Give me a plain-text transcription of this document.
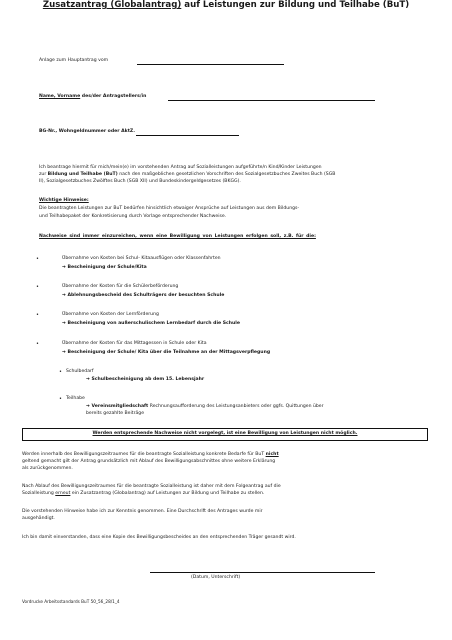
Zusatzantrag (Globalantrag) auf Leistungen zur Bildung und Teilhabe (BuT)
Anlage zum Hauptantrag vom
Name, Vorname des/der Antragstellers/in
BG-Nr., Wohngeldnummer oder AktZ.
Ich beantrage hiermit für mich/mein(e) im vorstehenden Antrag auf Sozialleistungen aufgeführte/n Kind/Kinder Leistungen
zur Bildung und Teilhabe (BuT) nach den maßgeblichen gesetzlichen Vorschriften des Sozialgesetzbuches Zweites Buch (SGB
II), Sozialgesetzbuches Zwölftes Buch (SGB XII) und Bundeskindergeldgesetzes (BKGG).
Wichtige Hinweise:
Die beantragten Leistungen zur BuT bedürfen hinsichtlich etwaiger Ansprüche auf Leistungen aus dem Bildungs-
und Teilhabepaket der Konkretisierung durch Vorlage entsprechender Nachweise.
Nachweise sind immer einzureichen, wenn eine Bewilligung von Leistungen erfolgen soll, z.B. für die:
•	Übernahme von Kosten bei Schul- Kitaausflügen oder Klassenfahrten
➔ Bescheinigung der Schule/Kita
•	Übernahme der Kosten für die Schülerbeförderung
➔ Ablehnungsbescheid des Schulträgers der besuchten Schule
•	Übernahme von Kosten der Lernförderung
➔ Bescheinigung von außerschulischem Lernbedarf durch die Schule
•	Übernahme der Kosten für das Mittagessen in Schule oder Kita
➔ Bescheinigung der Schule/ Kita über die Teilnahme an der Mittagsverpflegung
• Schulbedarf
➔ Schulbescheinigung ab dem 15. Lebensjahr
• Teilhabe
➔ Vereinsmitgliedschaft Rechnungsaufforderung des Leistungsanbieters oder ggfs. Quittungen über
bereits gezahlte Beiträge
Werden entsprechende Nachweise nicht vorgelegt, ist eine Bewilligung von Leistungen nicht möglich.
Werden innerhalb des Bewilligungszeitraumes für die beantragte Sozialleistung konkrete Bedarfe für BuT nicht
geltend gemacht gilt der Antrag grundsätzlich mit Ablauf des Bewilligungsabschnittes ohne weitere Erklärung
als zurückgenommen.
Nach Ablauf des Bewilligungszeitraumes für die beantragte Sozialleistung ist daher mit dem Folgeantrag auf die
Sozialleistung erneut ein Zusatzantrag (Globalantrag) auf Leistungen zur Bildung und Teilhabe zu stellen.
Die vorstehenden Hinweise habe ich zur Kenntnis genommen. Eine Durchschrift des Antrages wurde mir
ausgehändigt.
Ich bin damit einverstanden, dass eine Kopie des Bewilligungsbescheides an den entsprechenden Träger gesandt wird.
(Datum, Unterschrift)
Vordrucke Arbeitsstandards BuT 50_56_28/1_4
